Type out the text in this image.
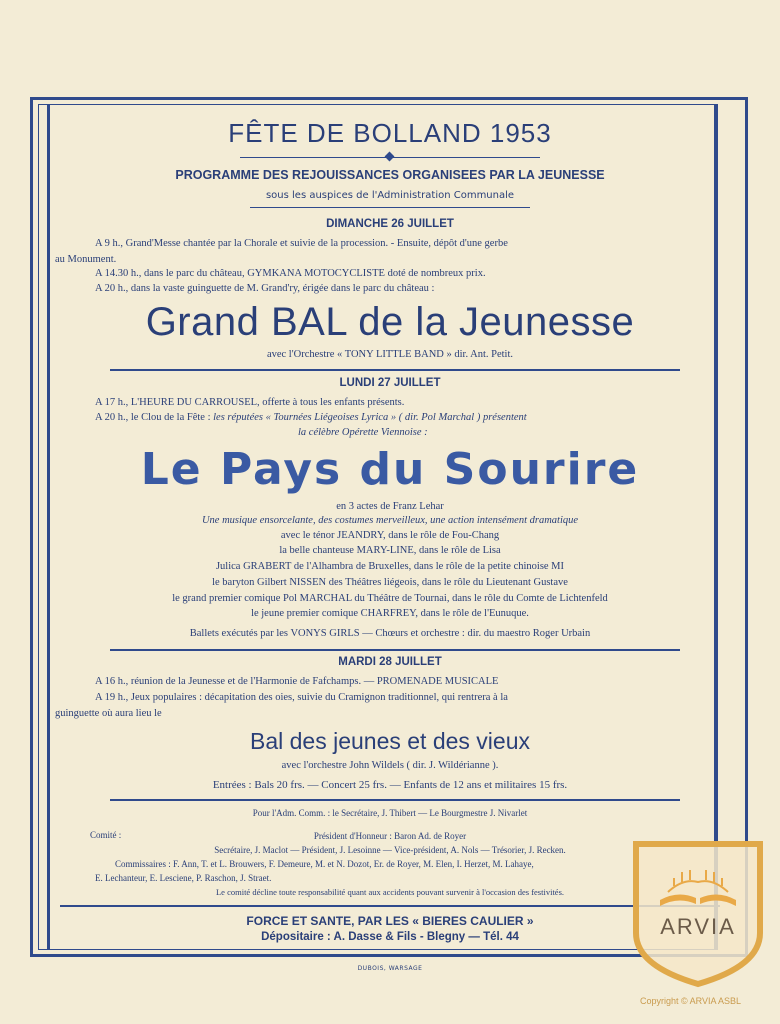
FÊTE DE BOLLAND 1953
PROGRAMME DES REJOUISSANCES ORGANISEES PAR LA JEUNESSE
sous les auspices de l'Administration Communale
DIMANCHE 26 JUILLET
A 9 h., Grand'Messe chantée par la Chorale et suivie de la procession. - Ensuite, dépôt d'une gerbe
au Monument.
A 14.30 h., dans le parc du château, GYMKANA MOTOCYCLISTE doté de nombreux prix.
A 20 h., dans la vaste guinguette de M. Grand'ry, érigée dans le parc du château :
Grand BAL de la Jeunesse
avec l'Orchestre « TONY LITTLE BAND » dir. Ant. Petit.
LUNDI 27 JUILLET
A 17 h., L'HEURE DU CARROUSEL, offerte à tous les enfants présents.
A 20 h., le Clou de la Fête : les réputées « Tournées Liégeoises Lyrica » ( dir. Pol Marchal ) présentent
la célèbre Opérette Viennoise :
Le Pays du Sourire
en 3 actes de Franz Lehar
Une musique ensorcelante, des costumes merveilleux, une action intensément dramatique
avec le ténor JEANDRY, dans le rôle de Fou-Chang
la belle chanteuse MARY-LINE, dans le rôle de Lisa
Julica GRABERT de l'Alhambra de Bruxelles, dans le rôle de la petite chinoise MI
le baryton Gilbert NISSEN des Théâtres liégeois, dans le rôle du Lieutenant Gustave
le grand premier comique Pol MARCHAL du Théâtre de Tournai, dans le rôle du Comte de Lichtenfeld
le jeune premier comique CHARFREY, dans le rôle de l'Eunuque.
Ballets exécutés par les VONYS GIRLS — Chœurs et orchestre : dir. du maestro Roger Urbain
MARDI 28 JUILLET
A 16 h., réunion de la Jeunesse et de l'Harmonie de Fafchamps. — PROMENADE MUSICALE
A 19 h., Jeux populaires : décapitation des oies, suivie du Cramignon traditionnel, qui rentrera à la
guinguette où aura lieu le
Bal des jeunes et des vieux
avec l'orchestre John Wildels ( dir. J. Wildérianne ).
Entrées : Bals 20 frs. — Concert 25 frs. — Enfants de 12 ans et militaires 15 frs.
Pour l'Adm. Comm. : le Secrétaire, J. Thibert — Le Bourgmestre J. Nivarlet
Comité :	Président d'Honneur : Baron Ad. de Royer
Secrétaire, J. Maclot — Président, J. Lesoinne — Vice-président, A. Nols — Trésorier, J. Recken.
Commissaires : F. Ann, T. et L. Brouwers, F. Demeure, M. et N. Dozot, Er. de Royer, M. Elen, I. Herzet, M. Lahaye,
E. Lechanteur, E. Lesciene, P. Raschon, J. Straet.
Le comité décline toute responsabilité quant aux accidents pouvant survenir à l'occasion des festivités.
FORCE ET SANTE, PAR LES « BIERES CAULIER »
Dépositaire : A. Dasse & Fils - Blegny — Tél. 44
DUBOIS, WARSAGE
ARVIA
Copyright © ARVIA ASBL
